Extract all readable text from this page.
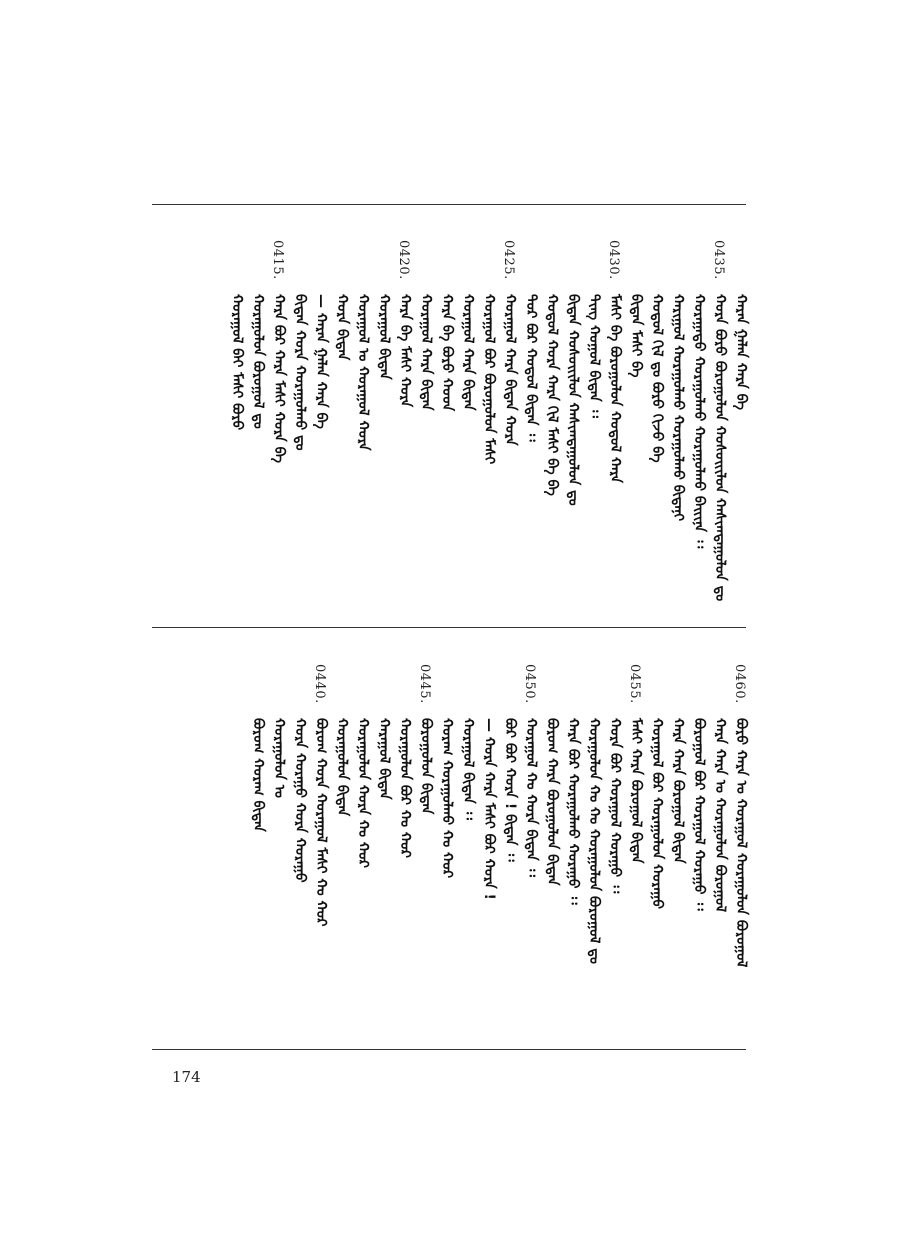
ᠬᠠᠷᠠᠨ ᠭᠠᠯᠠᠨ ᠬᠠᠷᠠ ᠪᠠ
0435.
ᠬᠤᠷᠠ ᠪᠤᠷᠤ ᠪᠤᠷᠤᠭᠤᠯᠤᠨ ᠬᠤᠰᠤᠢᠢᠯᠤᠨ ᠬᠠᠰᠢᠭᠳᠠᠭᠤᠯᠤᠨ ᠳᠤ
ᠬᠤᠷᠠᠭᠠᠳᠤ ᠬᠤᠷᠠᠭᠤᠯᠬᠤ ᠬᠤᠷᠠᠭᠤᠯᠬᠤ ᠪᠠᠢᠢᠨᠠ ᠄᠄
ᠬᠠᠷᠢᠭᠤᠯ ᠬᠤᠷᠠᠭᠤᠯᠬᠤ ᠬᠤᠷᠠᠭᠤᠯᠬᠤ ᠪᠢᠳᠡᠨᠢ
ᠬᠤᠳᠤᠯ ᠭᠢᠯ ᠳᠤ ᠪᠤᠷᠤ ᠬᠢᠵᠤ ᠪᠠ
ᠪᠢᠳᠡᠨ ᠮᠠᠰᠢ ᠪᠠ
0430.
ᠮᠠᠰᠢ ᠪᠠ ᠪᠤᠷᠤᠭᠤᠯᠤᠨ ᠬᠤᠳᠤᠯ ᠬᠠᠷᠠ
ᠲᠢᠩ ᠬᠤᠭᠤᠯ ᠪᠢᠳᠡᠨ ᠄᠄
ᠪᠢᠳᠡᠨ ᠬᠤᠰᠤᠢᠢᠯᠤᠨ ᠬᠠᠰᠢᠭᠳᠠᠭᠤᠯᠤᠨ ᠳᠤ
ᠬᠤᠳᠤᠯ ᠬᠤᠷᠠ ᠬᠠᠷᠠ ᠭᠢᠯ ᠮᠠᠰᠢ ᠪᠠ ᠪᠠ
ᠲᠤᠷ ᠪᠤᠷ ᠬᠤᠳᠤᠯ ᠪᠢᠳᠡᠨ ᠄᠄
0425.
ᠬᠤᠷᠠᠭᠤᠯ ᠬᠠᠷᠠ ᠪᠢᠳᠡᠨ ᠬᠤᠷᠠ
ᠬᠤᠷᠠᠭᠤᠯ ᠪᠤᠷ ᠪᠤᠷᠤᠭᠤᠯᠤᠨ ᠮᠠᠰᠢ
ᠬᠤᠷᠠᠭᠤᠯ ᠬᠠᠷᠠ ᠪᠢᠳᠡᠨ
ᠬᠠᠷᠠ ᠪᠠ ᠪᠤᠷᠤ ᠬᠤᠳ
ᠬᠤᠷᠠᠭᠤᠯ ᠬᠠᠷᠠ ᠪᠢᠳᠡᠨ
0420.
ᠬᠠᠷᠠ ᠪᠠ ᠮᠠᠰᠢ ᠬᠤᠷᠠ
ᠬᠤᠷᠠᠭᠤᠯ ᠪᠢᠳᠡᠨ
ᠬᠤᠷᠠᠭᠤᠯ ᠤ ᠬᠤᠷᠠᠭᠤᠯ ᠬᠤᠷᠠ
ᠬᠤᠷᠠ ᠪᠢᠳᠡᠨ
— ᠬᠠᠷᠠᠨ ᠭᠠᠯᠠᠨ ᠬᠠᠷᠠ ᠪᠠ
ᠪᠢᠳᠡᠨ ᠬᠤᠷᠠ ᠬᠤᠷᠠᠭᠤᠯᠬᠤ ᠳᠤ
0415.
ᠬᠠᠷᠠ ᠪᠤᠷ ᠬᠠᠷᠠ ᠮᠠᠰᠢ ᠬᠤᠷᠠ ᠪᠠ
ᠬᠤᠷᠠᠭᠤᠯᠤᠨ ᠪᠤᠷᠤᠭᠤᠯ ᠳᠤ
ᠬᠤᠷᠠᠭᠤᠯ ᠪᠠᠢ ᠮᠠᠰᠢ ᠪᠤᠷᠤ
0460.
ᠪᠤᠷᠤ ᠬᠠᠷᠠ ᠤ ᠬᠤᠷᠠᠭᠤᠯ ᠬᠤᠷᠠᠭᠤᠯᠤᠨ ᠪᠤᠷᠤᠭᠤᠯ
ᠬᠠᠷᠠ ᠬᠠᠷᠠ ᠤ ᠬᠤᠷᠠᠭᠤᠯᠤᠨ ᠪᠤᠷᠤᠭᠤᠯ
ᠪᠤᠷᠤᠭᠤᠯ ᠪᠤᠷ ᠬᠤᠷᠠᠭᠤᠯ ᠬᠤᠷᠠᠭᠤ ᠄᠄
ᠬᠠᠷᠠ ᠬᠠᠷᠠ ᠪᠤᠷᠤᠭᠤᠯ ᠪᠢᠳᠡᠨ
ᠬᠤᠷᠠᠭᠤᠯ ᠪᠤᠷ ᠬᠤᠷᠠᠭᠤᠯᠤᠨ ᠬᠤᠷᠠᠭᠤ
0455.
ᠮᠠᠰᠢ ᠬᠠᠷᠠ ᠪᠤᠷᠤᠭᠤᠯ ᠪᠢᠳᠡᠨ
ᠬᠤᠷᠠ ᠪᠤᠷ ᠬᠤᠷᠠᠭᠤᠯ ᠬᠤᠷᠠᠭᠤ ᠄᠄
ᠬᠤᠷᠠᠭᠤᠯᠤᠨ ᠬᠤ ᠬᠤ ᠬᠤᠷᠠᠭᠤᠯᠤᠨ ᠪᠤᠷᠤᠭᠤᠯ ᠳᠤ
ᠬᠠᠷᠠ ᠪᠤᠷ ᠬᠤᠷᠠᠭᠤᠯᠬᠤ ᠬᠤᠷᠠᠭᠤ ᠄᠄
ᠪᠤᠷᠤᠭ ᠬᠠᠷᠠ ᠪᠤᠷᠤᠭᠤᠯᠤᠨ ᠪᠢᠳᠡᠨ
0450.
ᠬᠤᠷᠠᠭᠤᠯ ᠬᠤ ᠬᠤᠷᠠ ᠪᠢᠳᠡᠨ ᠄᠄
ᠪᠤᠷ ᠪᠤᠷ ᠬᠤᠷᠠ ! ᠪᠢᠳᠡᠨ ᠄᠄
— ᠬᠤᠷᠠ ᠬᠠᠷᠠ ᠮᠠᠰᠢ ᠪᠤᠷ ᠬᠤᠷᠠ !
ᠬᠤᠷᠠᠭᠤᠯ ᠪᠢᠳᠡᠨ ᠄᠄
ᠬᠤᠷᠠᠭ ᠬᠤᠷᠠᠭᠤᠯᠬᠤ ᠬᠤ ᠬᠤᠷ
0445.
ᠪᠤᠷᠤᠭᠤᠯᠤᠨ ᠪᠢᠳᠡᠨ
ᠬᠤᠷᠠᠭᠤᠯᠤᠨ ᠪᠤᠷ ᠬᠤ ᠬᠤᠷ
ᠬᠠᠷᠠᠭᠤᠯ ᠪᠢᠳᠡᠨ
ᠬᠤᠷᠠᠭᠤᠯᠤᠨ ᠬᠤᠷᠠ ᠬᠤ ᠬᠤᠷ
ᠬᠤᠷᠠᠭᠤᠯᠤᠨ ᠪᠢᠳᠡᠨ
0440.
ᠪᠤᠷᠤᠭ ᠬᠤᠷᠠ ᠬᠤᠷᠠᠭᠤᠯ ᠮᠠᠰᠢ ᠬᠤ ᠬᠤᠷ
ᠬᠤᠷᠠ ᠬᠤᠷᠠᠭᠤ ᠬᠤᠷᠠ ᠬᠤᠷᠠᠭᠤ
ᠬᠤᠷᠠᠭᠤᠯᠤᠨ ᠤ
ᠪᠤᠷᠤᠭ ᠬᠤᠷᠠᠭ ᠪᠢᠳᠡᠨ
174
